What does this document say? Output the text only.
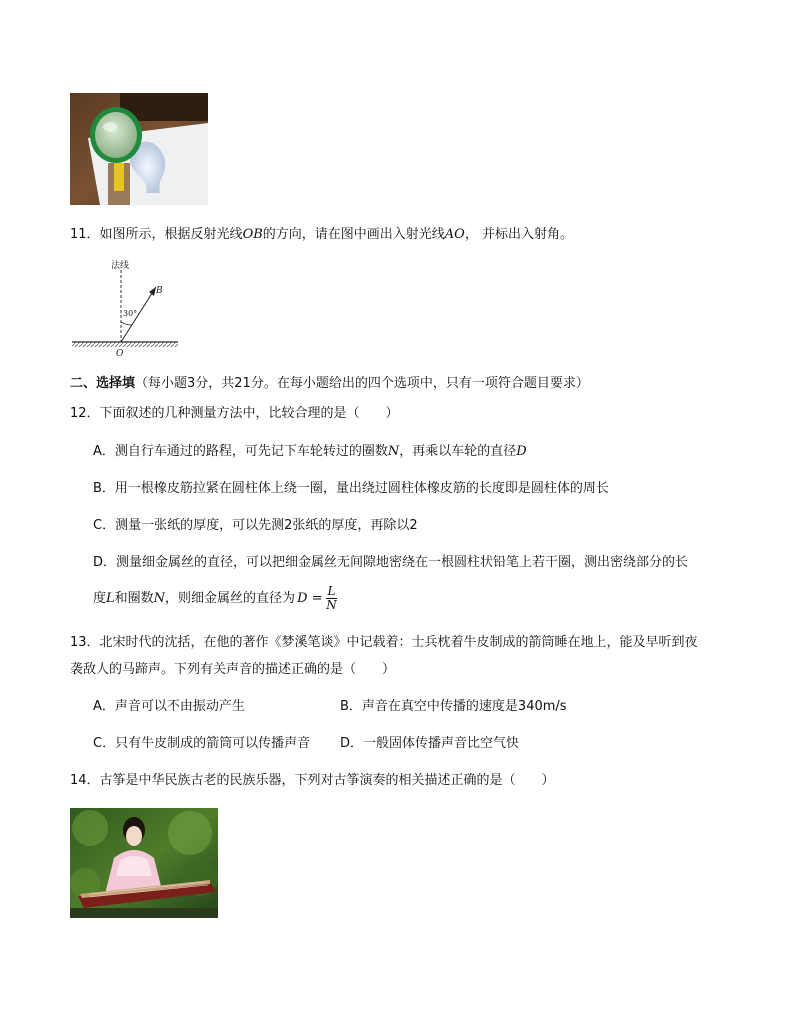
11．如图所示，根据反射光线OB的方向，请在图中画出入射光线AO， 并标出入射角。
法线
30°
B
O
二、选择填（每小题3分，共21分。在每小题给出的四个选项中，只有一项符合题目要求）
12．下面叙述的几种测量方法中，比较合理的是（　　）
A．测自行车通过的路程，可先记下车轮转过的圈数N，再乘以车轮的直径D
B．用一根橡皮筋拉紧在圆柱体上绕一圈，量出绕过圆柱体橡皮筋的长度即是圆柱体的周长
C．测量一张纸的厚度，可以先测2张纸的厚度，再除以2
D．测量细金属丝的直径，可以把细金属丝无间隙地密绕在一根圆柱状铅笔上若干圈，测出密绕部分的长
度L和圈数N，则细金属丝的直径为 $D = \frac{L}{N}$
13．北宋时代的沈括，在他的著作《梦溪笔谈》中记载着：士兵枕着牛皮制成的箭筒睡在地上，能及早听到夜
袭敌人的马蹄声。下列有关声音的描述正确的是（　　）
A．声音可以不由振动产生	B．声音在真空中传播的速度是340m/s
C．只有牛皮制成的箭筒可以传播声音 D．一般固体传播声音比空气快
14．古筝是中华民族古老的民族乐器，下列对古筝演奏的相关描述正确的是（　　）
